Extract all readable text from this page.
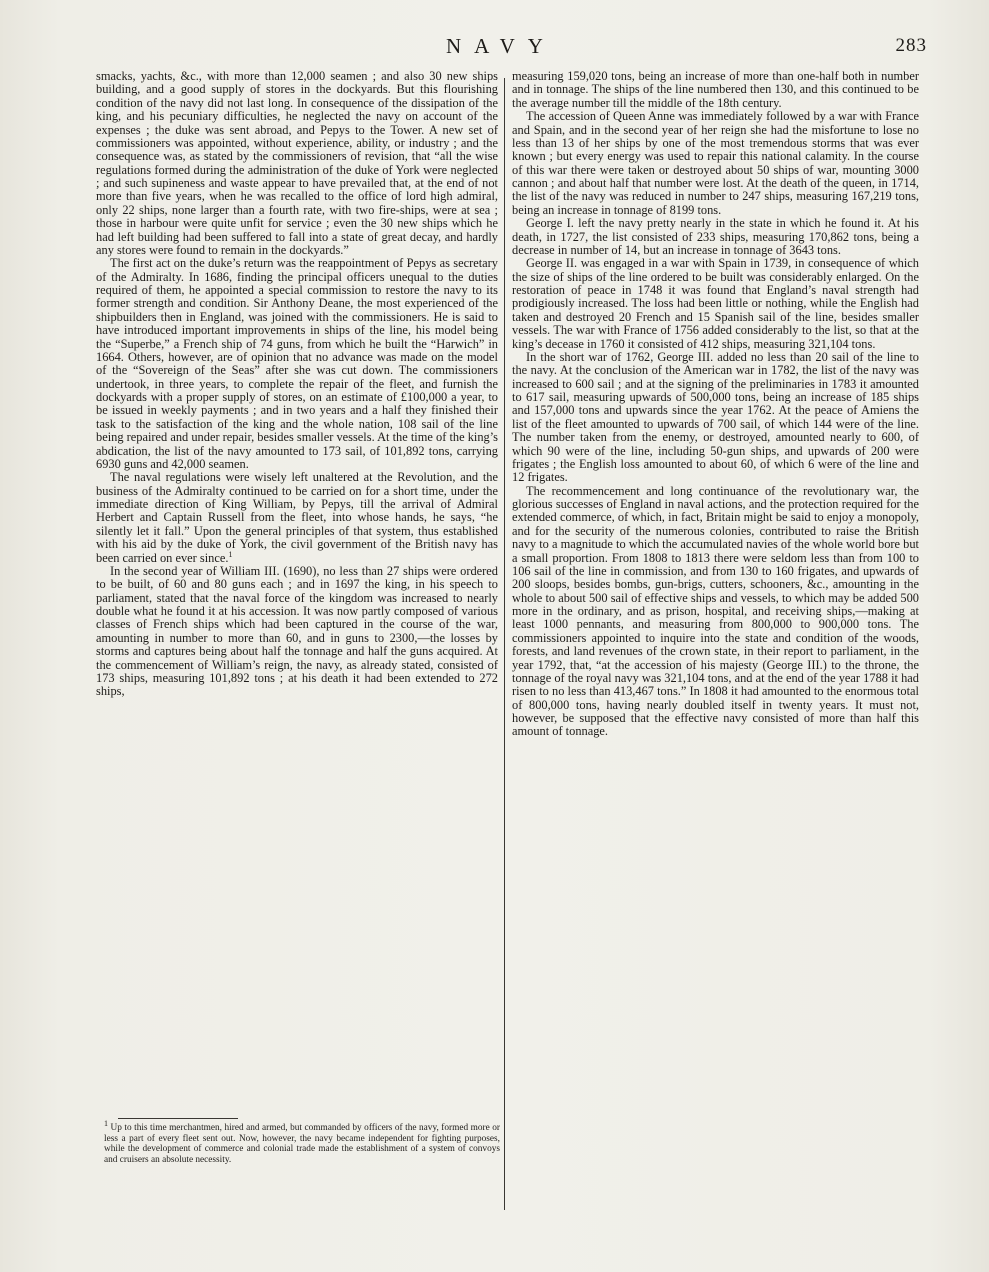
NAVY	283

smacks, yachts, &c., with more than 12,000 seamen ; and also 30 new ships building, and a good supply of stores in the dockyards. But this flourishing condition of the navy did not last long. In consequence of the dissipation of the king, and his pecuniary difficulties, he neglected the navy on account of the expenses ; the duke was sent abroad, and Pepys to the Tower. A new set of commissioners was appointed, without experience, ability, or industry ; and the consequence was, as stated by the commissioners of revision, that “all the wise regulations formed during the administration of the duke of York were neglected ; and such supineness and waste appear to have prevailed that, at the end of not more than five years, when he was recalled to the office of lord high admiral, only 22 ships, none larger than a fourth rate, with two fire-ships, were at sea ; those in harbour were quite unfit for service ; even the 30 new ships which he had left building had been suffered to fall into a state of great decay, and hardly any stores were found to remain in the dockyards.”

The first act on the duke’s return was the reappointment of Pepys as secretary of the Admiralty. In 1686, finding the principal officers unequal to the duties required of them, he appointed a special commission to restore the navy to its former strength and condition. Sir Anthony Deane, the most experienced of the shipbuilders then in England, was joined with the commissioners. He is said to have introduced important improvements in ships of the line, his model being the “Superbe,” a French ship of 74 guns, from which he built the “Harwich” in 1664. Others, however, are of opinion that no advance was made on the model of the “Sovereign of the Seas” after she was cut down. The commissioners undertook, in three years, to complete the repair of the fleet, and furnish the dockyards with a proper supply of stores, on an estimate of £100,000 a year, to be issued in weekly payments ; and in two years and a half they finished their task to the satisfaction of the king and the whole nation, 108 sail of the line being repaired and under repair, besides smaller vessels. At the time of the king’s abdication, the list of the navy amounted to 173 sail, of 101,892 tons, carrying 6930 guns and 42,000 seamen.

The naval regulations were wisely left unaltered at the Revolution, and the business of the Admiralty continued to be carried on for a short time, under the immediate direction of King William, by Pepys, till the arrival of Admiral Herbert and Captain Russell from the fleet, into whose hands, he says, “he silently let it fall.” Upon the general principles of that system, thus established with his aid by the duke of York, the civil government of the British navy has been carried on ever since.$^1$

In the second year of William III. (1690), no less than 27 ships were ordered to be built, of 60 and 80 guns each ; and in 1697 the king, in his speech to parliament, stated that the naval force of the kingdom was increased to nearly double what he found it at his accession. It was now partly composed of various classes of French ships which had been captured in the course of the war, amounting in number to more than 60, and in guns to 2300,—the losses by storms and captures being about half the tonnage and half the guns acquired. At the commencement of William’s reign, the navy, as already stated, consisted of 173 ships, measuring 101,892 tons ; at his death it had been extended to 272 ships,

measuring 159,020 tons, being an increase of more than one-half both in number and in tonnage. The ships of the line numbered then 130, and this continued to be the average number till the middle of the 18th century.

The accession of Queen Anne was immediately followed by a war with France and Spain, and in the second year of her reign she had the misfortune to lose no less than 13 of her ships by one of the most tremendous storms that was ever known ; but every energy was used to repair this national calamity. In the course of this war there were taken or destroyed about 50 ships of war, mounting 3000 cannon ; and about half that number were lost. At the death of the queen, in 1714, the list of the navy was reduced in number to 247 ships, measuring 167,219 tons, being an increase in tonnage of 8199 tons.

George I. left the navy pretty nearly in the state in which he found it. At his death, in 1727, the list consisted of 233 ships, measuring 170,862 tons, being a decrease in number of 14, but an increase in tonnage of 3643 tons.

George II. was engaged in a war with Spain in 1739, in consequence of which the size of ships of the line ordered to be built was considerably enlarged. On the restoration of peace in 1748 it was found that England’s naval strength had prodigiously increased. The loss had been little or nothing, while the English had taken and destroyed 20 French and 15 Spanish sail of the line, besides smaller vessels. The war with France of 1756 added considerably to the list, so that at the king’s decease in 1760 it consisted of 412 ships, measuring 321,104 tons.

In the short war of 1762, George III. added no less than 20 sail of the line to the navy. At the conclusion of the American war in 1782, the list of the navy was increased to 600 sail ; and at the signing of the preliminaries in 1783 it amounted to 617 sail, measuring upwards of 500,000 tons, being an increase of 185 ships and 157,000 tons and upwards since the year 1762. At the peace of Amiens the list of the fleet amounted to upwards of 700 sail, of which 144 were of the line. The number taken from the enemy, or destroyed, amounted nearly to 600, of which 90 were of the line, including 50-gun ships, and upwards of 200 were frigates ; the English loss amounted to about 60, of which 6 were of the line and 12 frigates.

The recommencement and long continuance of the revolutionary war, the glorious successes of England in naval actions, and the protection required for the extended commerce, of which, in fact, Britain might be said to enjoy a monopoly, and for the security of the numerous colonies, contributed to raise the British navy to a magnitude to which the accumulated navies of the whole world bore but a small proportion. From 1808 to 1813 there were seldom less than from 100 to 106 sail of the line in commission, and from 130 to 160 frigates, and upwards of 200 sloops, besides bombs, gun-brigs, cutters, schooners, &c., amounting in the whole to about 500 sail of effective ships and vessels, to which may be added 500 more in the ordinary, and as prison, hospital, and receiving ships,—making at least 1000 pennants, and measuring from 800,000 to 900,000 tons. The commissioners appointed to inquire into the state and condition of the woods, forests, and land revenues of the crown state, in their report to parliament, in the year 1792, that, “at the accession of his majesty (George III.) to the throne, the tonnage of the royal navy was 321,104 tons, and at the end of the year 1788 it had risen to no less than 413,467 tons.” In 1808 it had amounted to the enormous total of 800,000 tons, having nearly doubled itself in twenty years. It must not, however, be supposed that the effective navy consisted of more than half this amount of tonnage.

$^1$ Up to this time merchantmen, hired and armed, but commanded by officers of the navy, formed more or less a part of every fleet sent out. Now, however, the navy became independent for fighting purposes, while the development of commerce and colonial trade made the establishment of a system of convoys and cruisers an absolute necessity.
